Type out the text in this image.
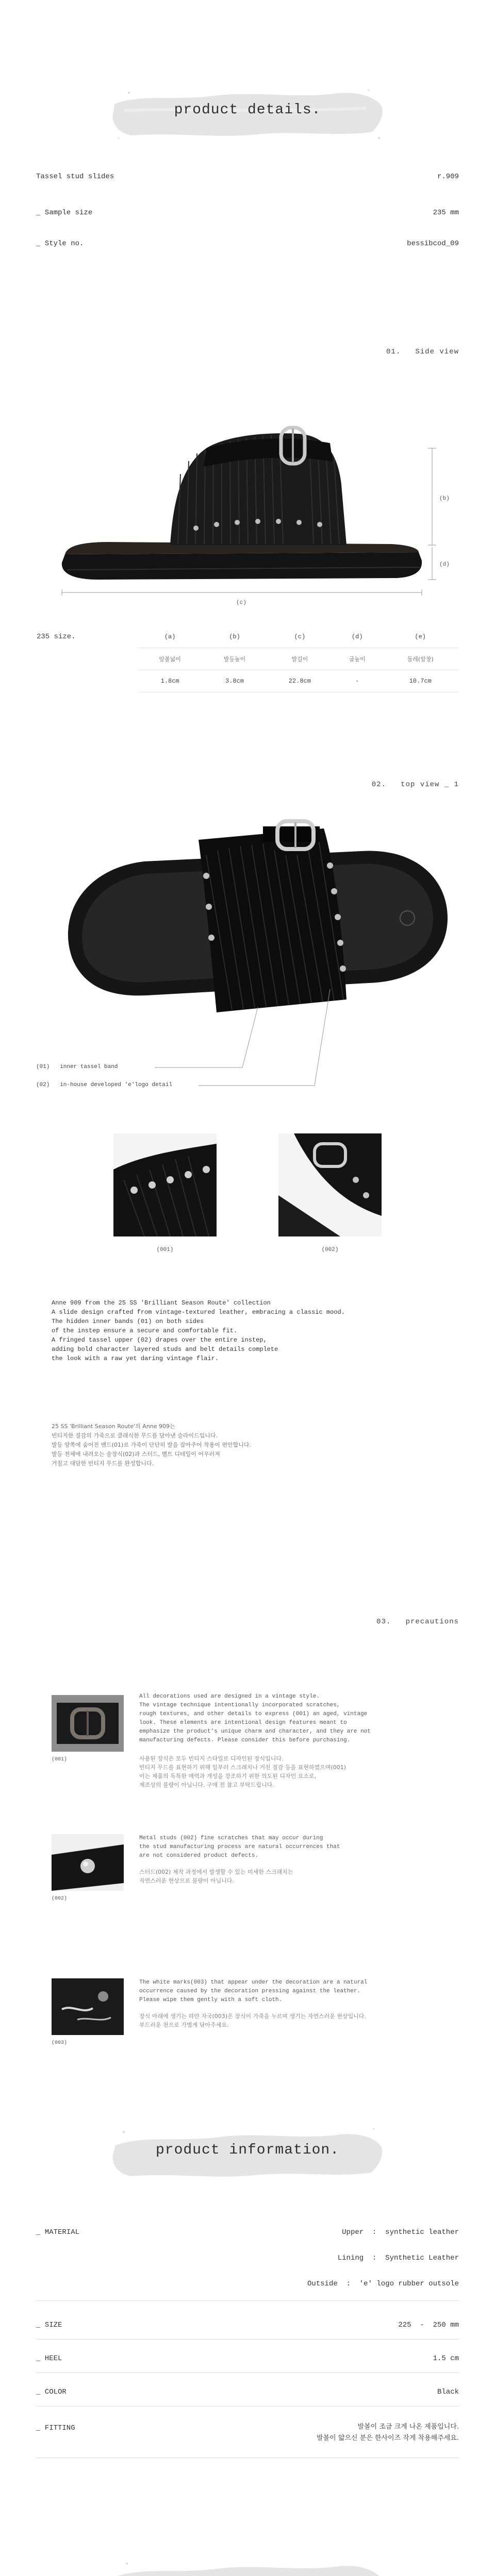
product details.
Tassel stud slides	r.909
_ Sample size	235 mm
_ Style no.	bessibcod_09
01.   Side view
(b)
(d)
(c)
235 size.	(a)	(b)	(c)	(d)	(e)
	앞볼넓이	발등높이	발길이	굽높이	둘레(앞창)
	1.8cm	3.8cm	22.8cm	-	10.7cm
02.   top view _ 1
(01)   inner tassel band
(02)   in-house developed 'e'logo detail
(001)	(002)
Anne 909 from the 25 SS 'Brilliant Season Route' collection
A slide design crafted from vintage-textured leather, embracing a classic mood.
The hidden inner bands (01) on both sides
of the instep ensure a secure and comfortable fit.
A fringed tassel upper (02) drapes over the entire instep,
adding bold character layered studs and belt details complete
the look with a raw yet daring vintage flair.
25 SS 'Brilliant Season Route'의 Anne 909는
빈티지한 질감의 가죽으로 클래식한 무드를 담아낸 슬라이드입니다.
발등 양쪽에 숨어진 밴드(01)로 가죽이 단단히 발을 잡아주어 착용이 편안합니다.
발등 전체에 내려오는 술장식(02)과 스터드, 벨트 디테일이 어우러져
거칠고 대담한 빈티지 무드를 완성합니다.
03.   precautions
(001)
All decorations used are designed in a vintage style.
The vintage technique intentionally incorporated scratches,
rough textures, and other details to express (001) an aged, vintage
look. These elements are intentional design features meant to
emphasize the product's unique charm and character, and they are not
manufacturing defects. Please consider this before purchasing.
사용된 장식은 모두 빈티지 스타일로 디자인된 장식입니다.
빈티지 무드를 표현하기 위해 일부러 스크래치나 거친 질감 등을 표현하였으며(001)
이는 제품의 독특한 매력과 개성을 강조하기 위한 의도된 디자인 요소로,
제조상의 불량이 아닙니다. 구매 전 참고 부탁드립니다.
(002)
Metal studs (002) fine scratches that may occur during
the stud manufacturing process are natural occurrences that
are not considered product defects.
스터드(002) 제작 과정에서 발생할 수 있는 미세한 스크래치는
자연스러운 현상으로 불량이 아닙니다.
(003)
The white marks(003) that appear under the decoration are a natural
occurrence caused by the decoration pressing against the leather.
Please wipe them gently with a soft cloth.
장식 아래에 생기는 하얀 자국(003)은 장식이 가죽을 누르며 생기는 자연스러운 현상입니다.
부드러운 천으로 가볍게 닦아주세요.
product information.
_ MATERIAL	Upper  :  synthetic leather
Lining  :  Synthetic Leather
Outside  :  'e' logo rubber outsole
_ SIZE	225  -  250 mm
_ HEEL	1.5 cm
_ COLOR	Black
_ FITTING	발볼이 조금 크게 나온 제품입니다.
발볼이 얇으신 분은 한사이즈 작게 착용해주세요.
